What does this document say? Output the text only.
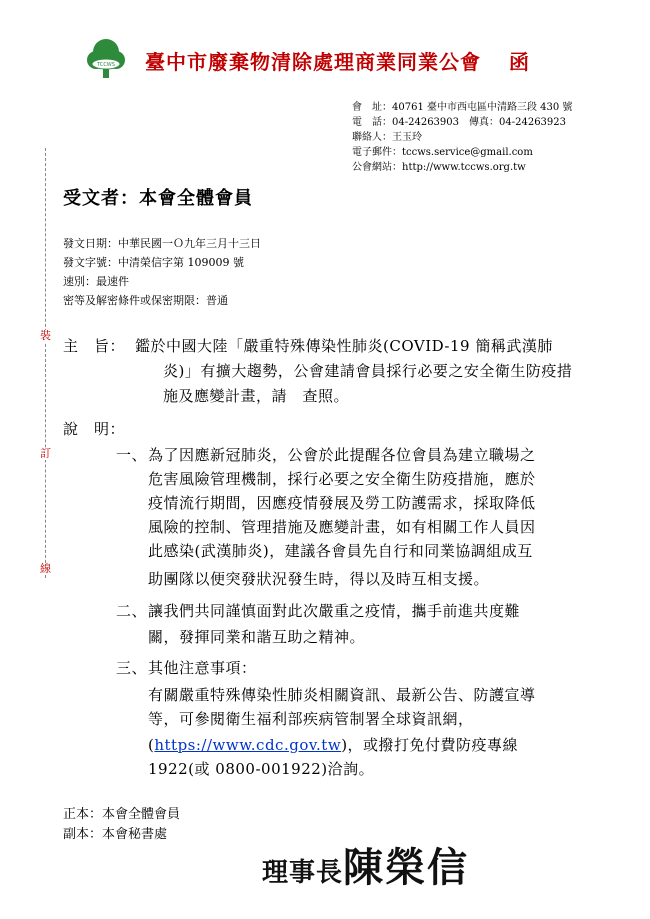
TCCWS 臺中市廢棄物清除處理商業同業公會 函
會　址：40761 臺中市西屯區中清路三段 430 號
電　話：04-24263903　傳真：04-24263923
聯絡人：王玉玲
電子郵件：tccws.service@gmail.com
公會網站：http://www.tccws.org.tw
裝
訂
線
受文者：本會全體會員
發文日期：中華民國一Ｏ九年三月十三日
發文字號：中清榮信字第 109009 號
速別：最速件
密等及解密條件或保密期限：普通
主　旨： 鑑於中國大陸「嚴重特殊傳染性肺炎(COVID-19 簡稱武漢肺
炎)」有擴大趨勢，公會建請會員採行必要之安全衛生防疫措
施及應變計畫，請　查照。
說　明：
一、 為了因應新冠肺炎，公會於此提醒各位會員為建立職場之
危害風險管理機制，採行必要之安全衛生防疫措施，應於
疫情流行期間，因應疫情發展及勞工防護需求，採取降低
風險的控制、管理措施及應變計畫，如有相關工作人員因
此感染(武漢肺炎)，建議各會員先自行和同業協調組成互
助團隊以便突發狀況發生時，得以及時互相支援。
二、 讓我們共同謹慎面對此次嚴重之疫情，攜手前進共度難
關，發揮同業和諧互助之精神。
三、 其他注意事項：
有關嚴重特殊傳染性肺炎相關資訊、最新公告、防護宣導
等，可參閱衛生福利部疾病管制署全球資訊網，
(https://www.cdc.gov.tw)，或撥打免付費防疫專線
1922(或 0800-001922)洽詢。
正本：本會全體會員
副本：本會秘書處
理事長陳榮信
